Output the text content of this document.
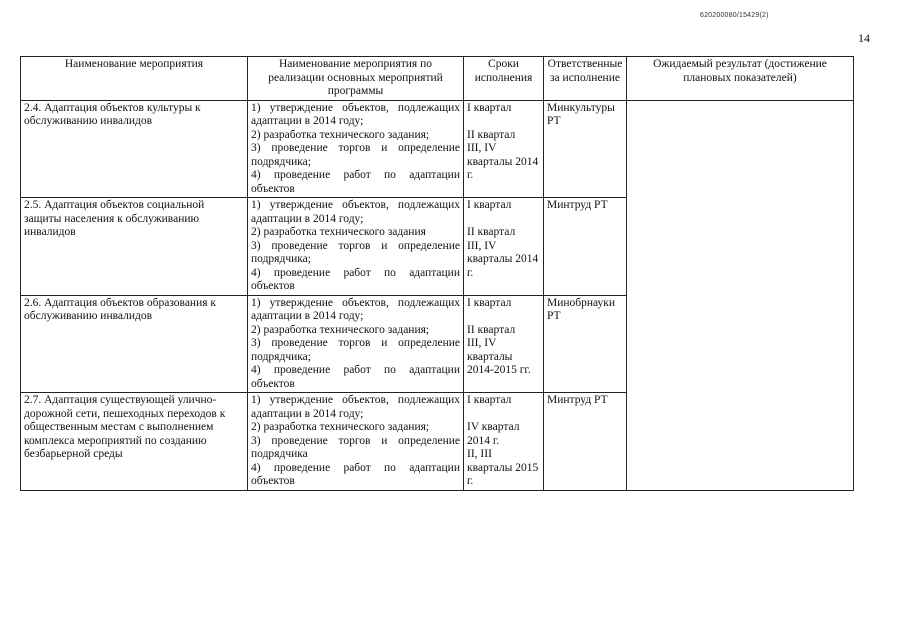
620200080/15429(2)
14
Наименование мероприятия	Наименование мероприятия по реализации основных мероприятий программы	Сроки исполнения	Ответственные за исполнение	Ожидаемый результат (достижение плановых показателей)
2.4. Адаптация объектов культуры к обслуживанию инвалидов	1) утверждение объектов, подлежащих адаптации в 2014 году;
2) разработка технического задания;
3) проведение торгов и определение подрядчика;
4) проведение работ по адаптации объектов	I квартал
II квартал
III, IV кварталы 2014 г.	Минкультуры РТ	
2.5. Адаптация объектов социальной защиты населения к обслуживанию инвалидов	1) утверждение объектов, подлежащих адаптации в 2014 году;
2) разработка технического задания
3) проведение торгов и определение подрядчика;
4) проведение работ по адаптации объектов	I квартал
II квартал
III, IV кварталы 2014 г.	Минтруд РТ	
2.6. Адаптация объектов образования к обслуживанию инвалидов	1) утверждение объектов, подлежащих адаптации в 2014 году;
2) разработка технического задания;
3) проведение торгов и определение подрядчика;
4) проведение работ по адаптации объектов	I квартал
II квартал
III, IV кварталы 2014-2015 гг.	Минобрнауки РТ	
2.7. Адаптация существующей улично-дорожной сети, пешеходных переходов к общественным местам с выполнением комплекса мероприятий по созданию безбарьерной среды	1) утверждение объектов, подлежащих адаптации в 2014 году;
2) разработка технического задания;
3) проведение торгов и определение подрядчика
4) проведение работ по адаптации объектов	I квартал
IV квартал 2014 г.
II, III кварталы 2015 г.	Минтруд РТ	
